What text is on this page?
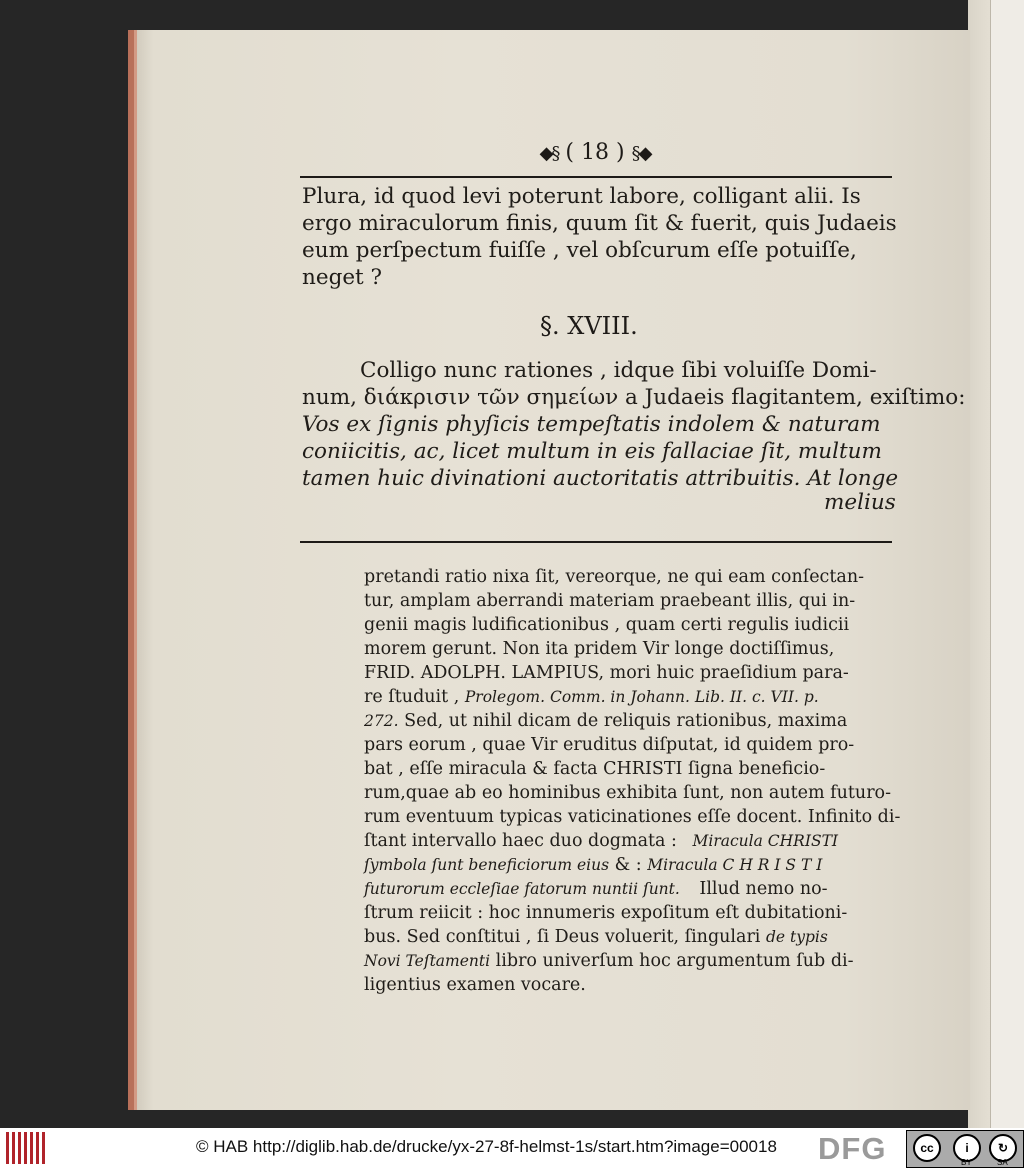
◆§ ( 18 ) §◆
Plura, id quod levi poterunt labore, colligant alii. Is
ergo miraculorum finis, quum ſit & fuerit, quis Judaeis
eum perſpectum fuiſſe , vel obſcurum eſſe potuiſſe,
neget ?
§. XVIII.
Colligo nunc rationes , idque ſibi voluiſſe Domi-
num, διάκρισιν τῶν σημείων a Judaeis flagitantem, exiſtimo:
Vos ex ſignis phyſicis tempeſtatis indolem & naturam
coniicitis, ac, licet multum in eis fallaciae ſit, multum
tamen huic divinationi auctoritatis attribuitis. At longe
melius
pretandi ratio nixa ſit, vereorque, ne qui eam conſectan-
tur, amplam aberrandi materiam praebeant illis, qui in-
genii magis ludificationibus , quam certi regulis iudicii
morem gerunt. Non ita pridem Vir longe doctiſſimus,
FRID. ADOLPH. LAMPIUS, mori huic praeſidium para-
re ſtuduit , Prolegom. Comm. in Johann. Lib. II. c. VII. p.
272. Sed, ut nihil dicam de reliquis rationibus, maxima
pars eorum , quae Vir eruditus diſputat, id quidem pro-
bat , eſſe miracula & facta CHRISTI ſigna beneficio-
rum,quae ab eo hominibus exhibita ſunt, non autem futuro-
rum eventuum typicas vaticinationes eſſe docent. Infinito di-
ſtant intervallo haec duo dogmata : Miracula CHRISTI
ſymbola ſunt beneficiorum eius & : Miracula C H R I S T I
futurorum eccleſiae fatorum nuntii ſunt. Illud nemo no-
ſtrum reiicit : hoc innumeris expoſitum eſt dubitationi-
bus. Sed conſtitui , ſi Deus voluerit, ſingulari de typis
Novi Teſtamenti libro univerſum hoc argumentum ſub di-
ligentius examen vocare.
© HAB http://diglib.hab.de/drucke/yx-27-8f-helmst-1s/start.htm?image=00018 DFG	cc	i	↻
BY	SA
